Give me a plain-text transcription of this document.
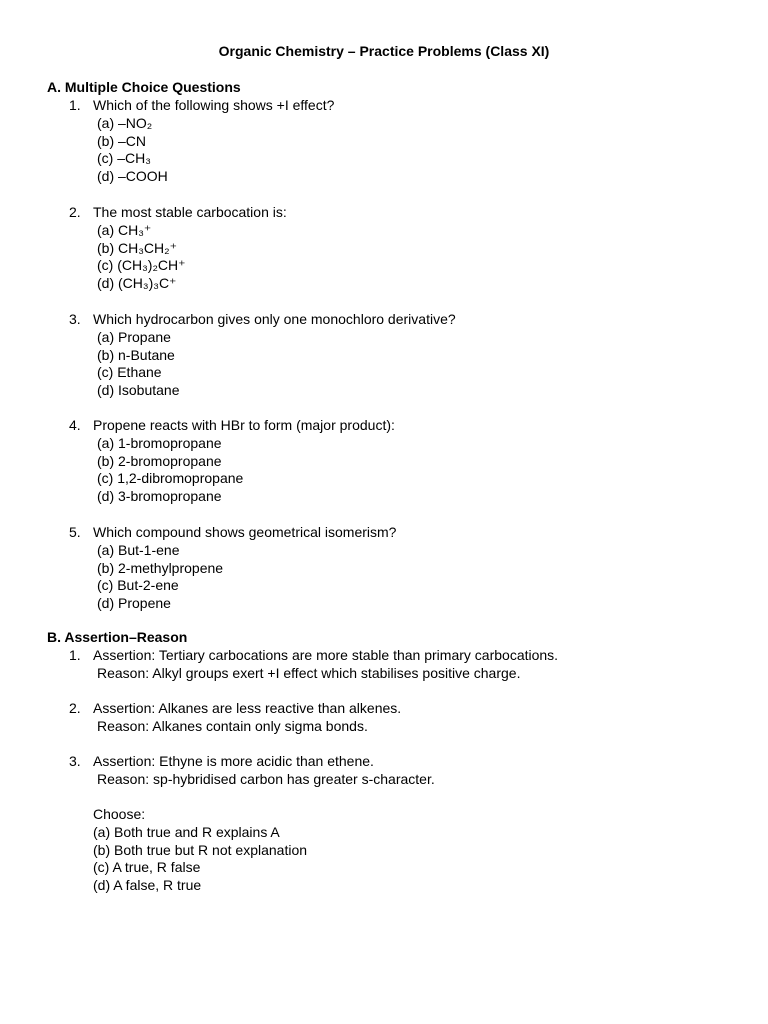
Organic Chemistry – Practice Problems (Class XI)
A. Multiple Choice Questions
1. Which of the following shows +I effect?
(a) –NO₂
(b) –CN
(c) –CH₃
(d) –COOH
2. The most stable carbocation is:
(a) CH₃⁺
(b) CH₃CH₂⁺
(c) (CH₃)₂CH⁺
(d) (CH₃)₃C⁺
3. Which hydrocarbon gives only one monochloro derivative?
(a) Propane
(b) n-Butane
(c) Ethane
(d) Isobutane
4. Propene reacts with HBr to form (major product):
(a) 1-bromopropane
(b) 2-bromopropane
(c) 1,2-dibromopropane
(d) 3-bromopropane
5. Which compound shows geometrical isomerism?
(a) But-1-ene
(b) 2-methylpropene
(c) But-2-ene
(d) Propene
B. Assertion–Reason
1. Assertion: Tertiary carbocations are more stable than primary carbocations.
Reason: Alkyl groups exert +I effect which stabilises positive charge.
2. Assertion: Alkanes are less reactive than alkenes.
Reason: Alkanes contain only sigma bonds.
3. Assertion: Ethyne is more acidic than ethene.
Reason: sp-hybridised carbon has greater s-character.
Choose:
(a) Both true and R explains A
(b) Both true but R not explanation
(c) A true, R false
(d) A false, R true
